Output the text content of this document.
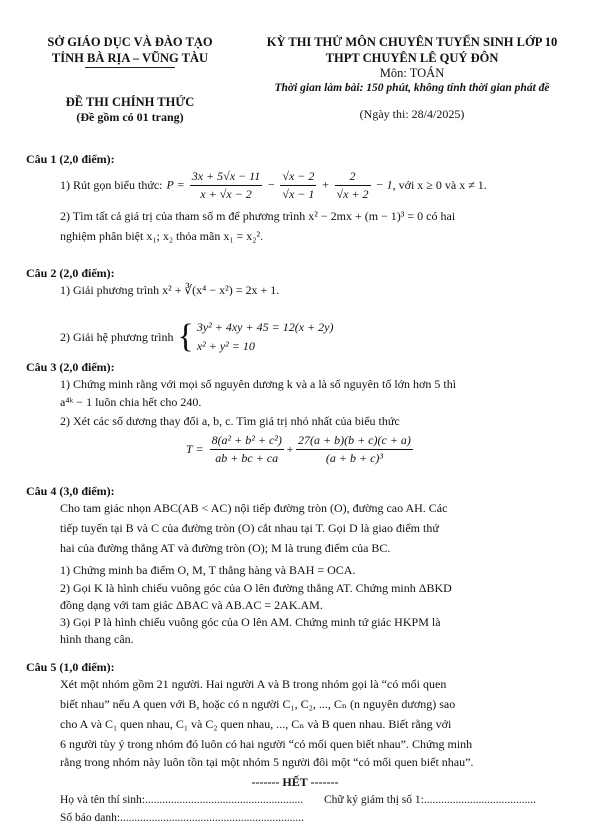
SỞ GIÁO DỤC VÀ ĐÀO TẠO
TỈNH BÀ RỊA – VŨNG TÀU
ĐỀ THI CHÍNH THỨC
(Đề gồm có 01 trang)
KỲ THI THỬ MÔN CHUYÊN TUYỂN SINH LỚP 10
THPT CHUYÊN LÊ QUÝ ĐÔN
Môn: TOÁN
Thời gian làm bài: 150 phút, không tính thời gian phát đề
(Ngày thi: 28/4/2025)
Câu 1 (2,0 điểm):
1) Rút gọn biểu thức: $P = \frac{3x + 5√x - 11}{x + √x - 2} - \frac{√x - 2}{√x - 1} + \frac{2}{√x + 2} - 1$ , với x ≥ 0 và x ≠ 1.
2) Tìm tất cả giá trị của tham số m để phương trình x² − 2mx + (m − 1)³ = 0 có hai
nghiệm phân biệt x₁; x₂ thỏa mãn x₁ = x₂².
Câu 2 (2,0 điểm):
1) Giải phương trình x² + ∛(x⁴ − x²) = 2x + 1.
2) Giải hệ phương trình { 3y² + 4xy + 45 = 12(x + 2y)
x² + y² = 10
Câu 3 (2,0 điểm):
1) Chứng minh rằng với mọi số nguyên dương k và a là số nguyên tố lớn hơn 5 thì
a⁴ᵏ − 1 luôn chia hết cho 240.
2) Xét các số dương thay đổi a, b, c. Tìm giá trị nhỏ nhất của biểu thức
$T = \frac{\text{8(a² + b² + c²)}}{ab + bc + ca} + \frac{27(a + b)(b + c)(c + a)}{\text{(a + b + c)³}}$
Câu 4 (3,0 điểm):
Cho tam giác nhọn ABC(AB < AC) nội tiếp đường tròn (O), đường cao AH. Các
tiếp tuyến tại B và C của đường tròn (O) cắt nhau tại T. Gọi D là giao điểm thứ
hai của đường thẳng AT và đường tròn (O); M là trung điểm của BC.
1) Chứng minh ba điểm O, M, T thẳng hàng và BAH = OCA.
2) Gọi K là hình chiếu vuông góc của O lên đường thẳng AT. Chứng minh ΔBKD
đồng dạng với tam giác ΔBAC và AB.AC = 2AK.AM.
3) Gọi P là hình chiếu vuông góc của O lên AM. Chứng minh tứ giác HKPM là
hình thang cân.
Câu 5 (1,0 điểm):
Xét một nhóm gồm 21 người. Hai người A và B trong nhóm gọi là “có mối quen
biết nhau” nếu A quen với B, hoặc có n người C₁, C₂, ..., Cₙ (n nguyên dương) sao
cho A và C₁ quen nhau, C₁ và C₂ quen nhau, ..., Cₙ và B quen nhau. Biết rằng với
6 người tùy ý trong nhóm đó luôn có hai người “có mối quen biết nhau”. Chứng minh
rằng trong nhóm này luôn tồn tại một nhóm 5 người đôi một “có mối quen biết nhau”.
------- HẾT -------
Họ và tên thí sinh:....................................................... Chữ ký giám thị số 1:.......................................
Số báo danh:................................................................
